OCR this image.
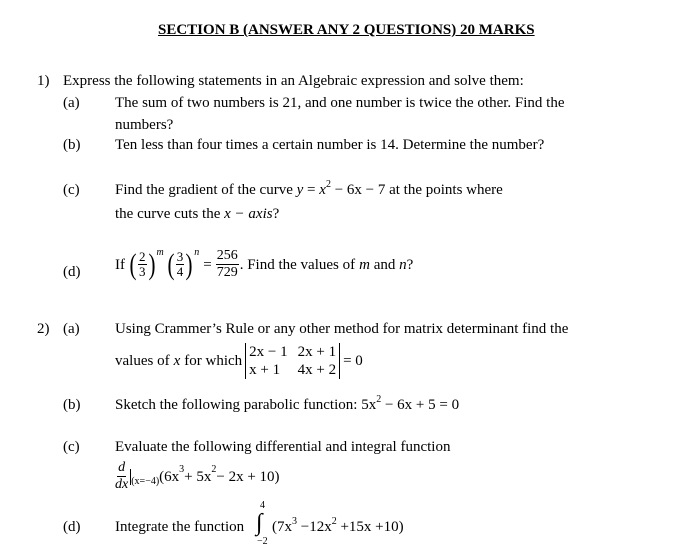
SECTION B (ANSWER ANY 2 QUESTIONS) 20 MARKS
1) Express the following statements in an Algebraic expression and solve them:
(a) The sum of two numbers is 21, and one number is twice the other. Find the
numbers?
(b) Ten less than four times a certain number is 14. Determine the number?
(c) Find the gradient of the curve $y = x^2 - 6x - 7$ at the points where
the curve cuts the x − axis?
(d) If ( $\frac{2}{3}$ ) m ( $\frac{3}{4}$ ) n
= $\frac{256}{729}$ . Find the values of m and n ?
2) (a) Using Crammer’s Rule or any other method for matrix determinant find the
values of x for which
2x − 1 2x + 1
x + 1	4x + 2
= 0
(b) Sketch the following parabolic function: $5x^2 - 6x + 5 = 0$
(c) Evaluate the following differential and integral function
$\frac{d}{dx} (x=-4)$ (6x 3 + 5x 2 − 2x + 10)
(d) Integrate the function
4
∫
−2
$(7x^3 -12x^2 +15x +10)$
